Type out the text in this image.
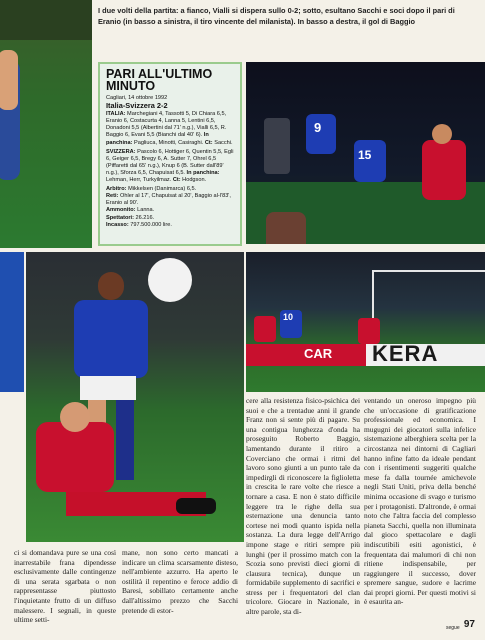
I due volti della partita: a fianco, Vialli si dispera sullo 0-2; sotto, esultano Sacchi e soci dopo il pari di Eranio (in basso a sinistra, il tiro vincente del milanista). In basso a destra, il gol di Baggio
PARI ALL'ULTIMO MINUTO
Cagliari, 14 ottobre 1992
Italia-Svizzera 2-2
ITALIA: Marchegiani 4, Tassotti 5, Di Chiara 6,5, Eranio 6, Costacurta 4, Lanna 5, Lentini 6,5, Donadoni 5,5 (Albertini dal 71' n.g.), Vialli 6,5, R. Baggio 6, Evani 5,5 (Bianchi dal 40' 6). In panchina: Pagliuca, Minotti, Casiraghi. Ct: Sacchi.
SVIZZERA: Pascolo 6, Hottiger 6, Quentin 5,5, Egli 6, Geiger 6,5, Bregy 6, A. Sutter 7, Ohrel 6,5 (Piffaretti dal 65' n.g.), Knup 6 (B. Sutter dall'89' n.g.), Sforza 6,5, Chapuisat 6,5. In panchina: Lehman, Herr, Turkyilmaz. Ct: Hodgson.
Arbitro: Mikkelsen (Danimarca) 6,5.
Reti: Ohler al 17', Chapuisat al 20', Baggio al-l'83', Eranio al 90'.
Ammonito: Lanna.
Spettatori: 26.216.
Incasso: 797.500.000 lire.
9
15
10
CAR KERA
ci si domandava pure se una così inarrestabile frana dipendesse esclusivamente dalle contingenze di una serata sgarbata o non rappresentasse piuttosto l'inquietante frutto di un diffuso malessere. I segnali, in queste ultime setti-
mane, non sono certo mancati a indicare un clima scarsamente disteso, nell'ambiente azzurro. Ha aperto le ostilità il repentino e feroce addio di Baresi, sobillato certamente anche dall'altissimo prezzo che Sacchi pretende di estor-
cere alla resistenza fisico-psichica dei suoi e che a trentadue anni il grande Franz non si sente più di pagare. Su una contigua lunghezza d'onda ha proseguito Roberto Baggio, lamentando durante il ritiro a Coverciano che ormai i ritmi del lavoro sono giunti a un punto tale da impedirgli di riconoscere la figlioletta in crescita le rare volte che riesce a tornare a casa. E non è stato difficile leggere tra le righe della sua esternazione una denuncia tanto cortese nei modi quanto ispida nella sostanza. La dura legge dell'Arrigo impone stage e ritiri sempre più lunghi (per il prossimo match con la Scozia sono previsti dieci giorni di clausura tecnica), dunque un formidabile supplemento di sacrifici e stress per i frequentatori del clan tricolore. Giocare in Nazionale, in altre parole, sta di-
ventando un oneroso impegno più che un'occasione di gratificazione professionale ed economica. I mugugni dei giocatori sulla infelice sistemazione alberghiera scelta per la circostanza nei dintorni di Cagliari hanno infine fatto da ideale pendant con i risentimenti suggeriti qualche mese fa dalla tournée amichevole negli Stati Uniti, priva della benché minima occasione di svago e turismo per i protagonisti. D'altronde, è ormai noto che l'altra faccia del complesso pianeta Sacchi, quella non illuminata dal gioco spettacolare e dagli indiscutibili esiti agonistici, è frequentata dai malumori di chi non ritiene indispensabile, per raggiungere il successo, dover spremere sangue, sudore e lacrime dai propri giorni. Per questi motivi si è esaurita an-
segue 97
